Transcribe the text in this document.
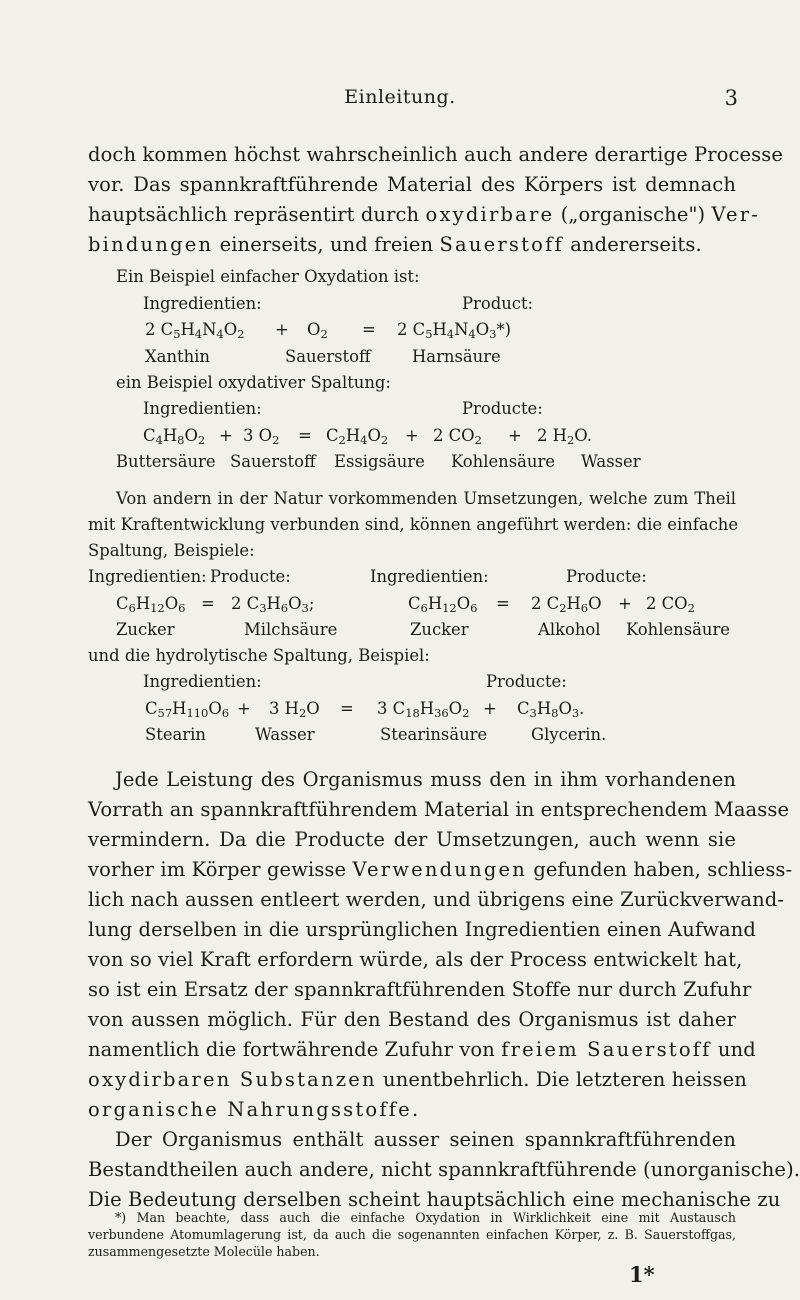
Einleitung.	3
doch kommen höchst wahrscheinlich auch andere derartige Processe
vor. Das spannkraftführende Material des Körpers ist demnach
hauptsächlich repräsentirt durch oxydirbare („organische") Ver-
bindungen einerseits, und freien Sauerstoff andererseits.
Ein Beispiel einfacher Oxydation ist:
Ingredientien:	Product:
2 $C_5H_4N_4O_2 + O_2 = 2$ $C_5H_4N_4O_3*$)
Xanthin	Sauerstoff	Harnsäure
ein Beispiel oxydativer Spaltung:
Ingredientien:	Producte:
$C_4H_8O_2 + 3$ $O_2 = C_2H_4O_2 + 2$ $CO_2 + 2$ $H_2O$.
Buttersäure Sauerstoff Essigsäure Kohlensäure Wasser
Von andern in der Natur vorkommenden Umsetzungen, welche zum Theil
mit Kraftentwicklung verbunden sind, können angeführt werden: die einfache
Spaltung, Beispiele:
Ingredientien: Producte:	Ingredientien:	Producte:
$C_6H_{12}O_6 = 2$ $C_3H_6O_3$;	$C_6H_{12}O_6 = 2$ $C_2H_6O + 2$ $CO_2$
Zucker	Milchsäure	Zucker	Alkohol Kohlensäure
und die hydrolytische Spaltung, Beispiel:
Ingredientien:	Producte:
$C_{57}H_{110}O_6 + 3$ $H_2O = 3$ $C_{18}H_{36}O_2 + C_3H_8O_3$.
Stearin	Wasser	Stearinsäure	Glycerin.
Jede Leistung des Organismus muss den in ihm vorhandenen
Vorrath an spannkraftführendem Material in entsprechendem Maasse
vermindern. Da die Producte der Umsetzungen, auch wenn sie
vorher im Körper gewisse Verwendungen gefunden haben, schliess-
lich nach aussen entleert werden, und übrigens eine Zurückverwand-
lung derselben in die ursprünglichen Ingredientien einen Aufwand
von so viel Kraft erfordern würde, als der Process entwickelt hat,
so ist ein Ersatz der spannkraftführenden Stoffe nur durch Zufuhr
von aussen möglich. Für den Bestand des Organismus ist daher
namentlich die fortwährende Zufuhr von freiem Sauerstoff und
oxydirbaren Substanzen unentbehrlich. Die letzteren heissen
organische Nahrungsstoffe.
Der Organismus enthält ausser seinen spannkraftführenden
Bestandtheilen auch andere, nicht spannkraftführende (unorganische).
Die Bedeutung derselben scheint hauptsächlich eine mechanische zu
*) Man beachte, dass auch die einfache Oxydation in Wirklichkeit eine mit Austausch
verbundene Atomumlagerung ist, da auch die sogenannten einfachen Körper, z. B. Sauerstoffgas,
zusammengesetzte Molecüle haben.
1*
